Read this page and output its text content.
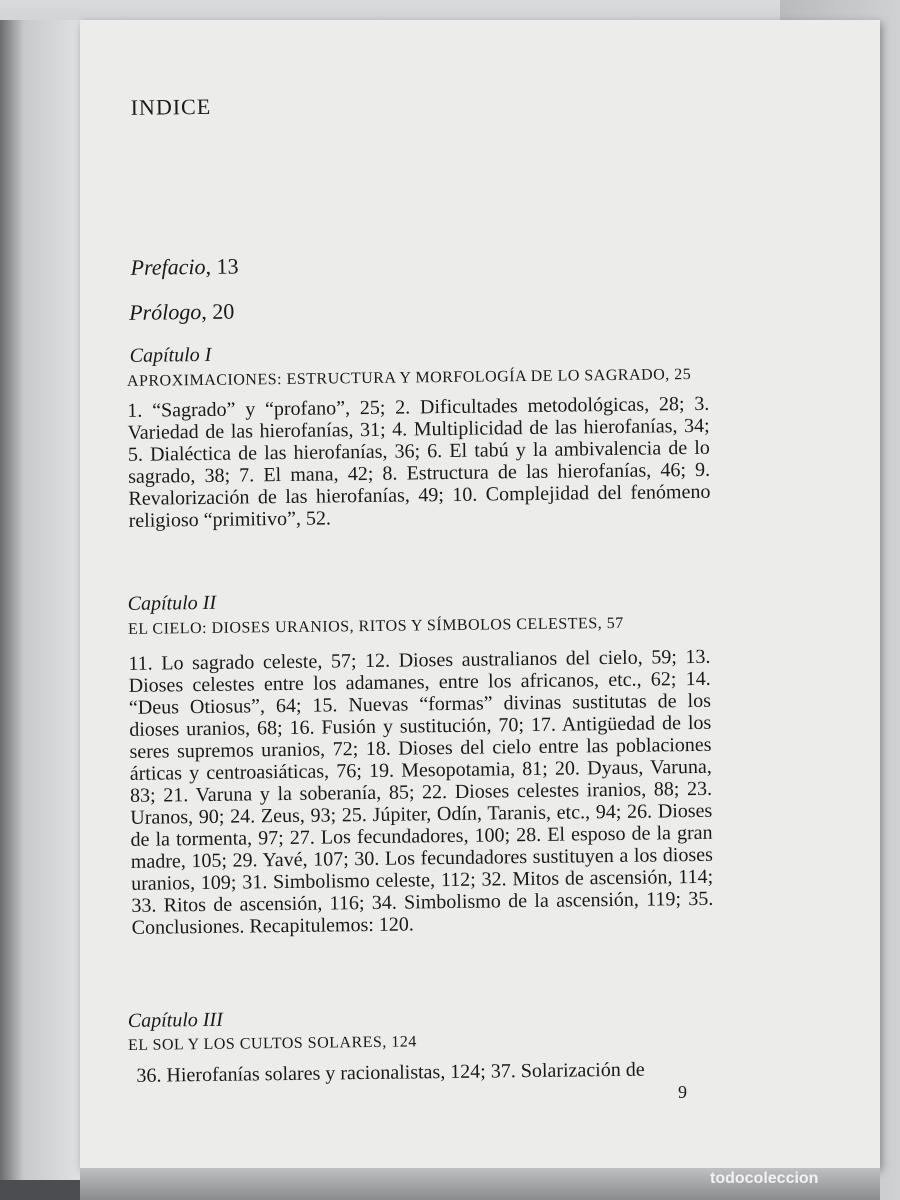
INDICE
Prefacio, 13
Prólogo, 20
Capítulo I
APROXIMACIONES: ESTRUCTURA Y MORFOLOGÍA DE LO SAGRADO, 25
1. “Sagrado” y “profano”, 25; 2. Dificultades metodológicas, 28; 3. Variedad de las hierofanías, 31; 4. Multiplicidad de las hierofanías, 34; 5. Dialéctica de las hierofanías, 36; 6. El tabú y la ambivalencia de lo sagrado, 38; 7. El mana, 42; 8. Estructura de las hierofanías, 46; 9. Revalorización de las hierofanías, 49; 10. Complejidad del fenómeno religioso “primitivo”, 52.
Capítulo II
EL CIELO: DIOSES URANIOS, RITOS Y SÍMBOLOS CELESTES, 57
11. Lo sagrado celeste, 57; 12. Dioses australianos del cielo, 59; 13. Dioses celestes entre los adamanes, entre los africanos, etc., 62; 14. “Deus Otiosus”, 64; 15. Nuevas “formas” divinas sustitutas de los dioses uranios, 68; 16. Fusión y sustitución, 70; 17. Antigüedad de los seres supremos uranios, 72; 18. Dioses del cielo entre las poblaciones árticas y centroasiáticas, 76; 19. Mesopotamia, 81; 20. Dyaus, Varuna, 83; 21. Varuna y la soberanía, 85; 22. Dioses celestes iranios, 88; 23. Uranos, 90; 24. Zeus, 93; 25. Júpiter, Odín, Taranis, etc., 94; 26. Dioses de la tormenta, 97; 27. Los fecundadores, 100; 28. El esposo de la gran madre, 105; 29. Yavé, 107; 30. Los fecundadores sustituyen a los dioses uranios, 109; 31. Simbolismo celeste, 112; 32. Mitos de ascensión, 114; 33. Ritos de ascensión, 116; 34. Simbolismo de la ascensión, 119; 35. Conclusiones. Recapitulemos: 120.
Capítulo III
EL SOL Y LOS CULTOS SOLARES, 124
36. Hierofanías solares y racionalistas, 124; 37. Solarización de
9
todocoleccion
